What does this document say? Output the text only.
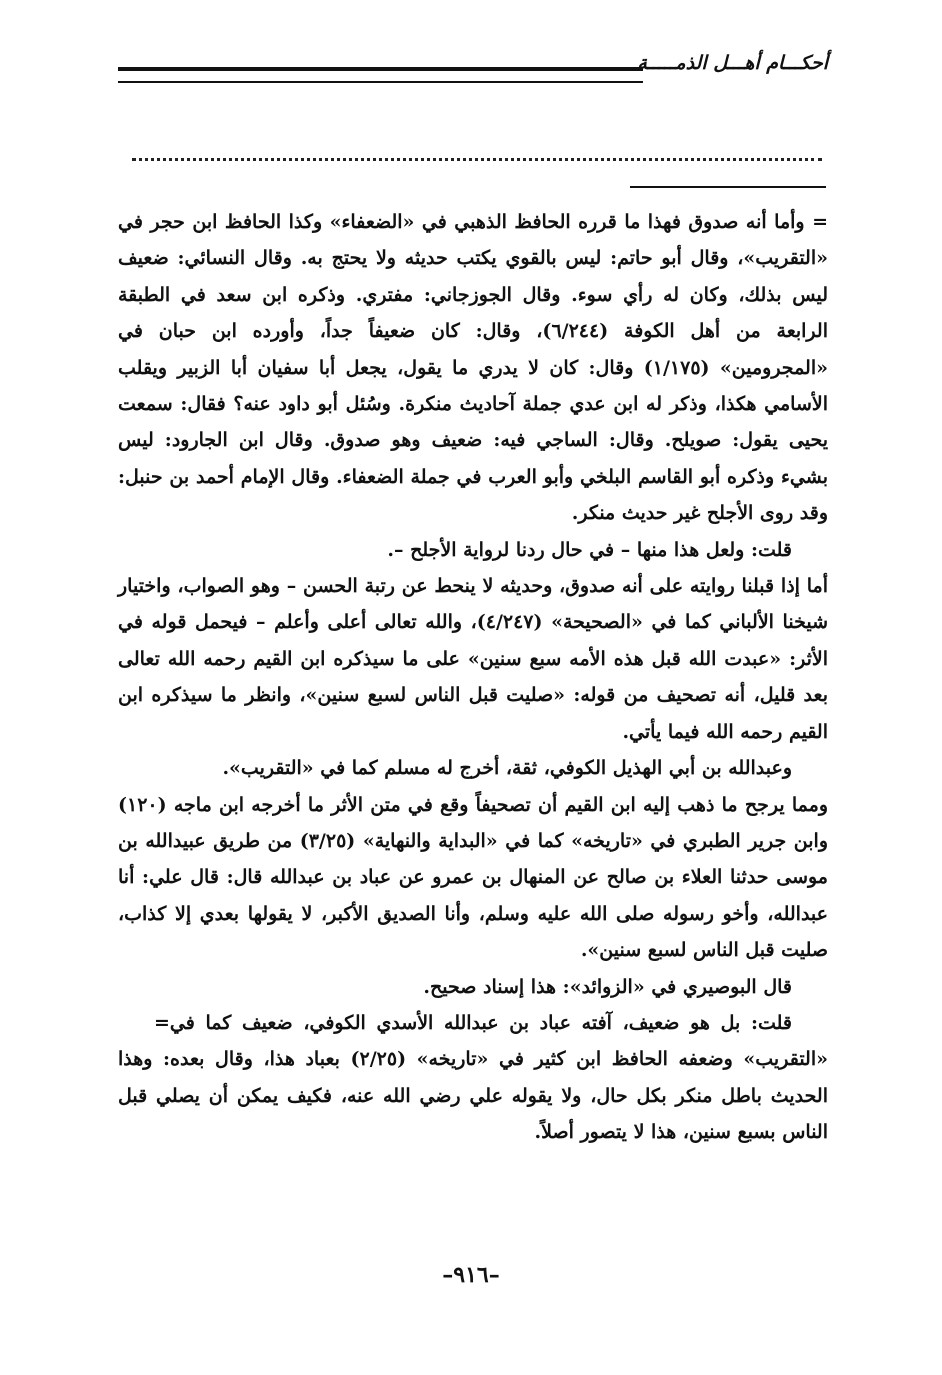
أحكـــام أهـــل الذمـــــة

= وأما أنه صدوق فهذا ما قرره الحافظ الذهبي في «الضعفاء» وكذا الحافظ ابن حجر في «التقريب»، وقال أبو حاتم: ليس بالقوي يكتب حديثه ولا يحتج به. وقال النسائي: ضعيف ليس بذلك، وكان له رأي سوء. وقال الجوزجاني: مفتري. وذكره ابن سعد في الطبقة الرابعة من أهل الكوفة (٦/٢٤٤)، وقال: كان ضعيفاً جداً، وأورده ابن حبان في «المجرومين» (١/١٧٥) وقال: كان لا يدري ما يقول، يجعل أبا سفيان أبا الزبير ويقلب الأسامي هكذا، وذكر له ابن عدي جملة آحاديث منكرة. وسُئل أبو داود عنه؟ فقال: سمعت يحيى يقول: صويلح. وقال: الساجي فيه: ضعيف وهو صدوق. وقال ابن الجارود: ليس بشيء وذكره أبو القاسم البلخي وأبو العرب في جملة الضعفاء. وقال الإمام أحمد بن حنبل: وقد روى الأجلح غير حديث منكر.

قلت: ولعل هذا منها – في حال ردنا لرواية الأجلح –.

أما إذا قبلنا روايته على أنه صدوق، وحديثه لا ينحط عن رتبة الحسن – وهو الصواب، واختيار شيخنا الألباني كما في «الصحيحة» (٤/٢٤٧)، والله تعالى أعلى وأعلم – فيحمل قوله في الأثر: «عبدت الله قبل هذه الأمه سبع سنين» على ما سيذكره ابن القيم رحمه الله تعالى بعد قليل، أنه تصحيف من قوله: «صليت قبل الناس لسبع سنين»، وانظر ما سيذكره ابن القيم رحمه الله فيما يأتي.

وعبدالله بن أبي الهذيل الكوفي، ثقة، أخرج له مسلم كما في «التقريب».

ومما يرجح ما ذهب إليه ابن القيم أن تصحيفاً وقع في متن الأثر ما أخرجه ابن ماجه (١٢٠) وابن جرير الطبري في «تاريخه» كما في «البداية والنهاية» (٣/٢٥) من طريق عبيدالله بن موسى حدثنا العلاء بن صالح عن المنهال بن عمرو عن عباد بن عبدالله قال: قال علي: أنا عبدالله، وأخو رسوله صلى الله عليه وسلم، وأنا الصديق الأكبر، لا يقولها بعدي إلا كذاب، صليت قبل الناس لسبع سنين».

قال البوصيري في «الزوائد»: هذا إسناد صحيح.

= قلت: بل هو ضعيف، آفته عباد بن عبدالله الأسدي الكوفي، ضعيف كما في «التقريب» وضعفه الحافظ ابن كثير في «تاريخه» (٢/٢٥) بعباد هذا، وقال بعده: وهذا الحديث باطل منكر بكل حال، ولا يقوله علي رضي الله عنه، فكيف يمكن أن يصلي قبل الناس بسبع سنين، هذا لا يتصور أصلاً.

–٩١٦–
